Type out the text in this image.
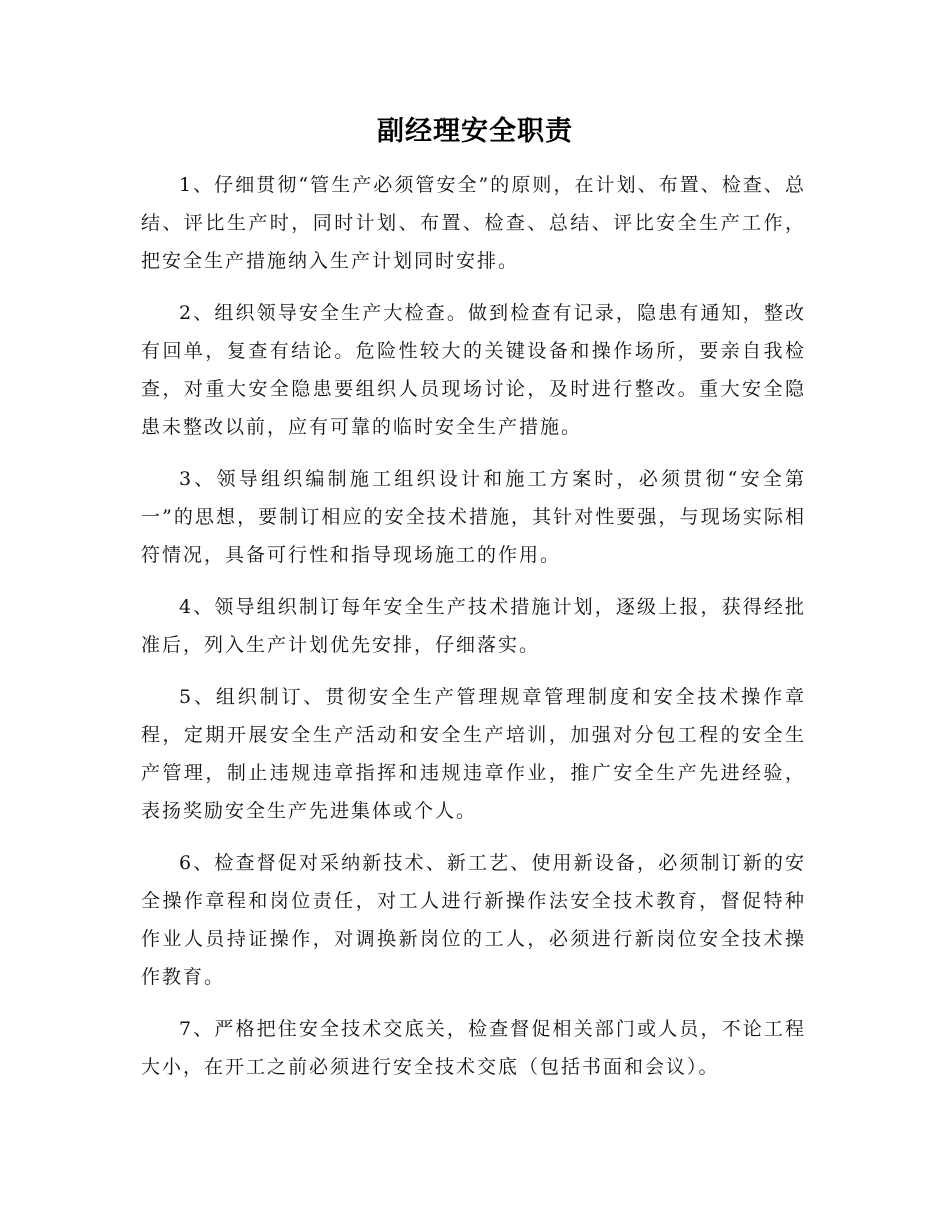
副经理安全职责

1、仔细贯彻“管生产必须管安全”的原则，在计划、布置、检查、总结、评比生产时，同时计划、布置、检查、总结、评比安全生产工作，把安全生产措施纳入生产计划同时安排。

2、组织领导安全生产大检查。做到检查有记录，隐患有通知，整改有回单，复查有结论。危险性较大的关键设备和操作场所，要亲自我检查，对重大安全隐患要组织人员现场讨论，及时进行整改。重大安全隐患未整改以前，应有可靠的临时安全生产措施。

3、领导组织编制施工组织设计和施工方案时，必须贯彻“安全第一”的思想，要制订相应的安全技术措施，其针对性要强，与现场实际相符情况，具备可行性和指导现场施工的作用。

4、领导组织制订每年安全生产技术措施计划，逐级上报，获得经批准后，列入生产计划优先安排，仔细落实。

5、组织制订、贯彻安全生产管理规章管理制度和安全技术操作章程，定期开展安全生产活动和安全生产培训，加强对分包工程的安全生产管理，制止违规违章指挥和违规违章作业，推广安全生产先进经验，表扬奖励安全生产先进集体或个人。

6、检查督促对采纳新技术、新工艺、使用新设备，必须制订新的安全操作章程和岗位责任，对工人进行新操作法安全技术教育，督促特种作业人员持证操作，对调换新岗位的工人，必须进行新岗位安全技术操作教育。

7、严格把住安全技术交底关，检查督促相关部门或人员，不论工程大小，在开工之前必须进行安全技术交底（包括书面和会议）。
